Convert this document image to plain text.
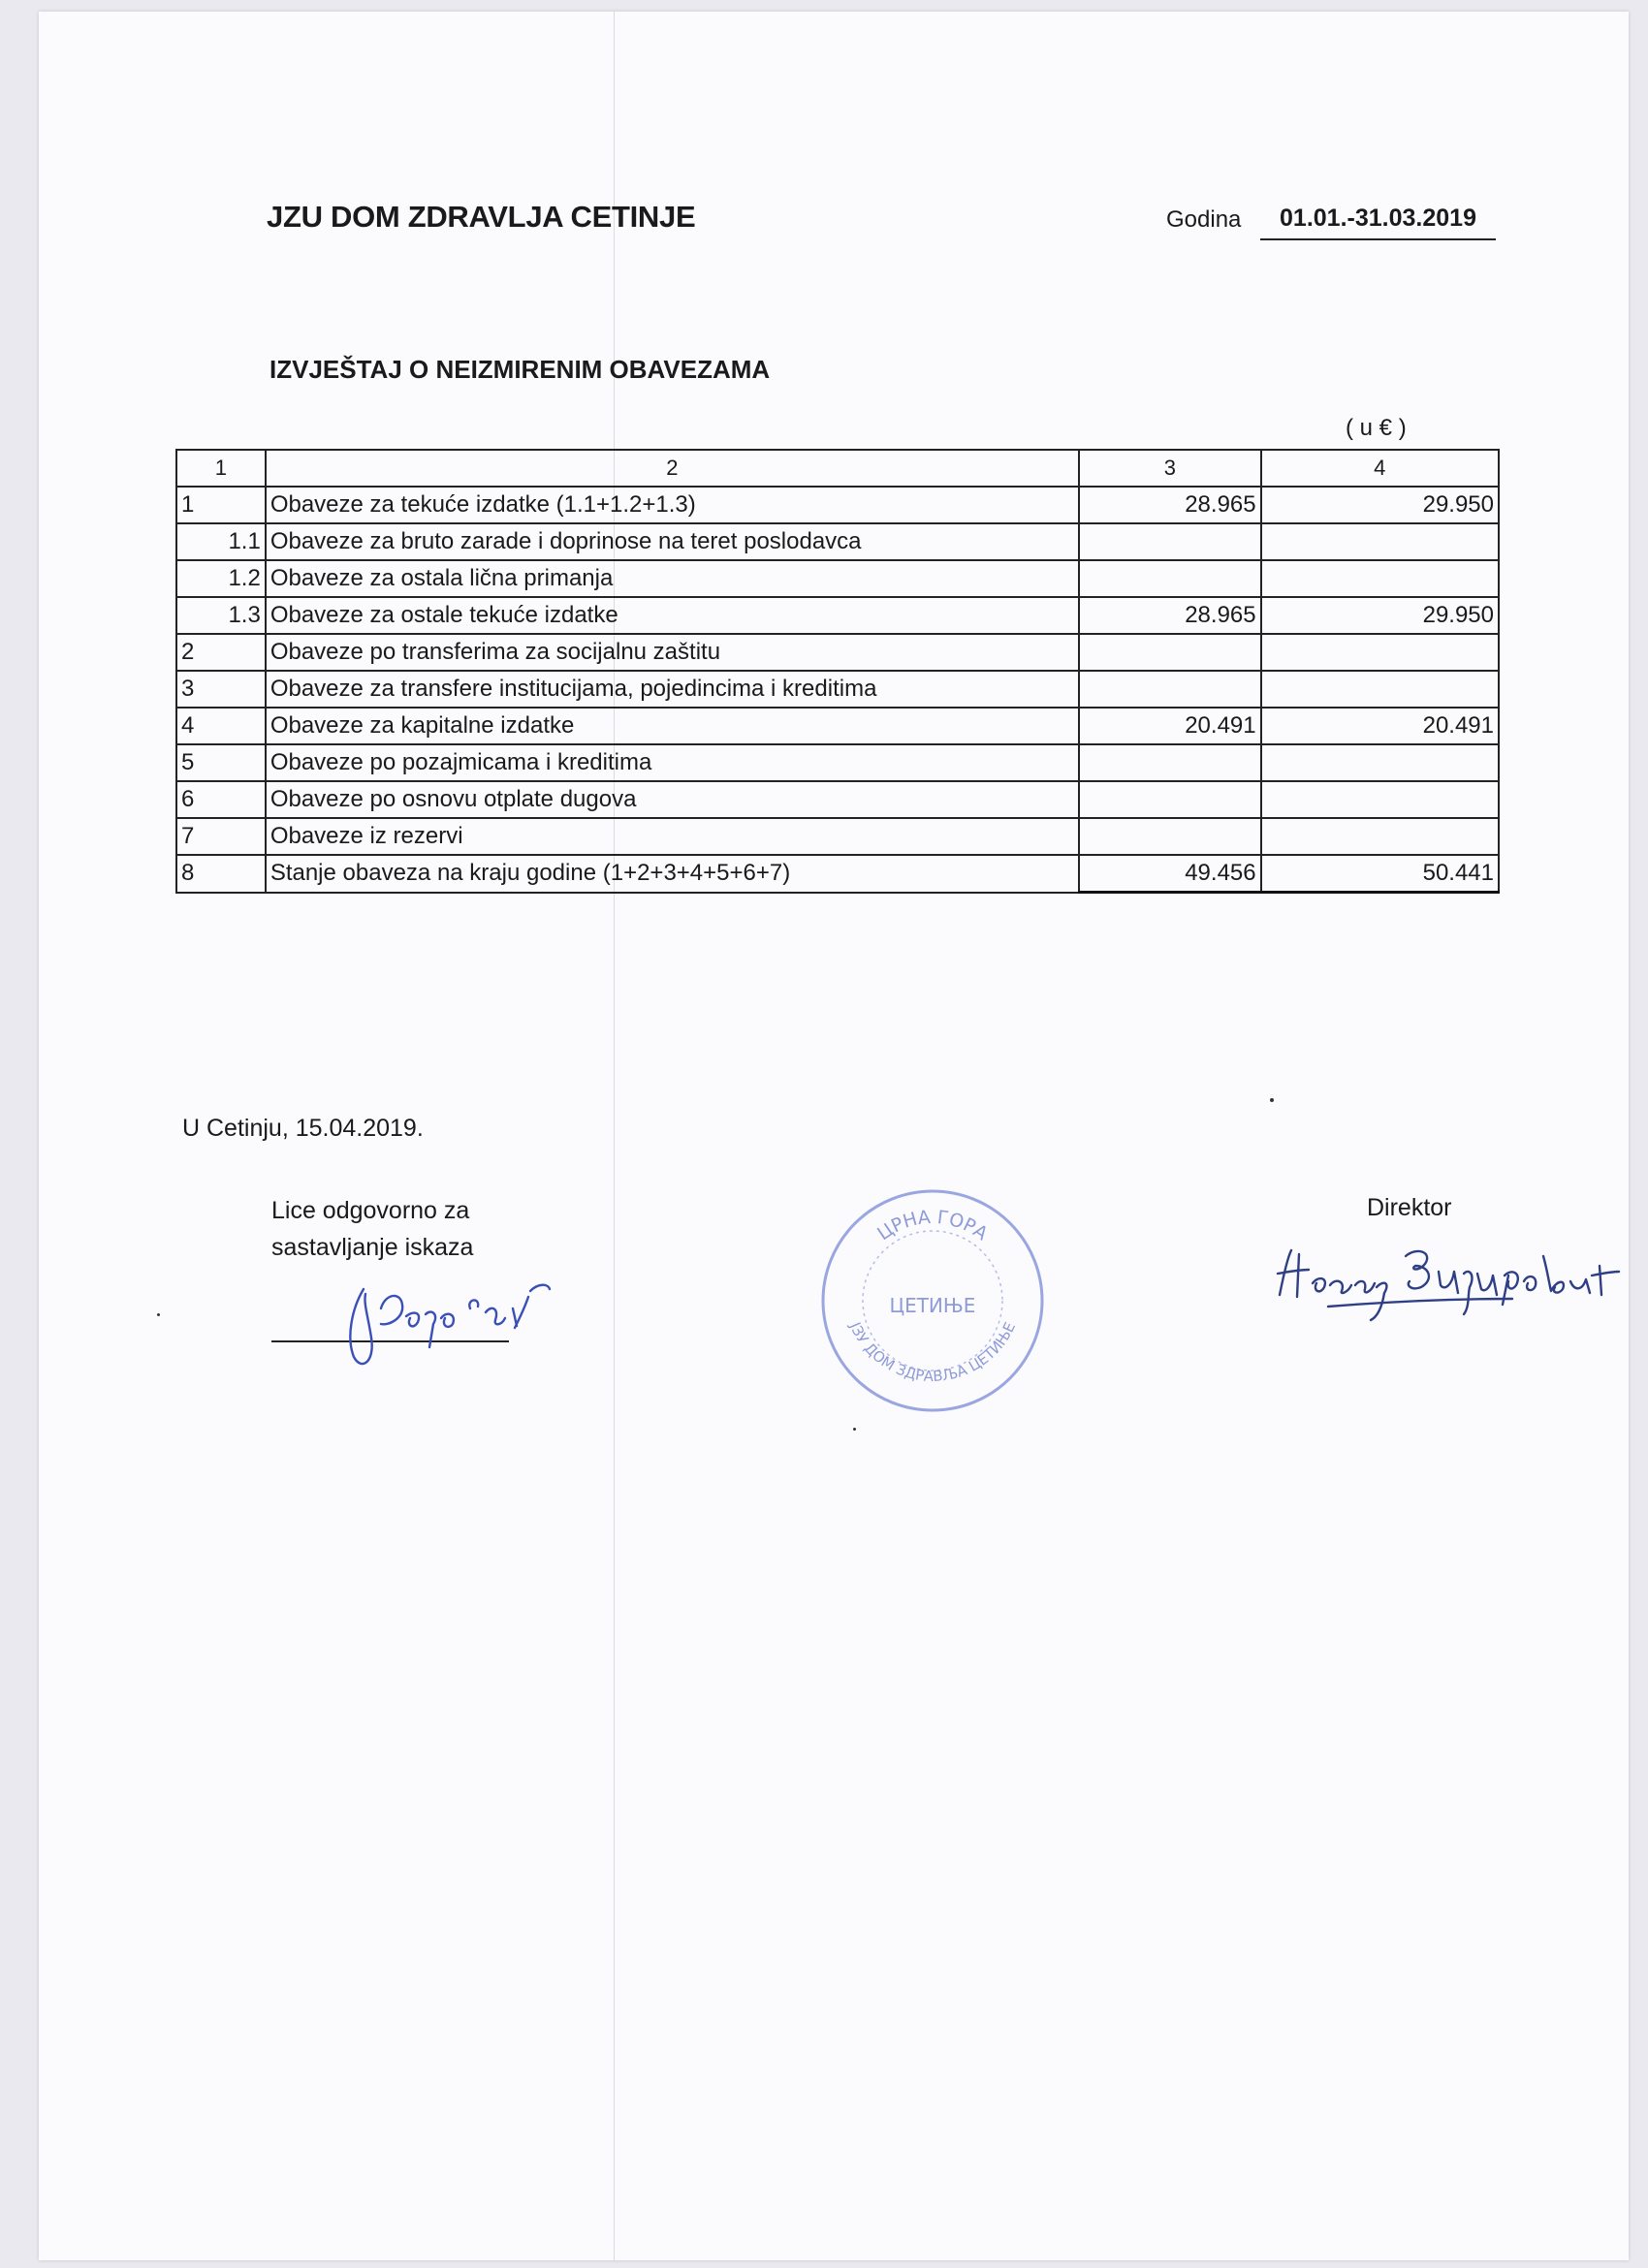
JZU DOM ZDRAVLJA CETINJE	Godina	01.01.-31.03.2019
IZVJEŠTAJ O NEIZMIRENIM OBAVEZAMA
( u € )
1	2	3	4
1	Obaveze za tekuće izdatke (1.1+1.2+1.3)	28.965	29.950
1.1	Obaveze za bruto zarade i doprinose na teret poslodavca		
1.2	Obaveze za ostala lična primanja		
1.3	Obaveze za ostale tekuće izdatke	28.965	29.950
2	Obaveze po transferima za socijalnu zaštitu		
3	Obaveze za transfere institucijama, pojedincima i kreditima		
4	Obaveze za kapitalne izdatke	20.491	20.491
5	Obaveze po pozajmicama i kreditima		
6	Obaveze po osnovu otplate dugova		
7	Obaveze iz rezervi		
8	Stanje obaveza na kraju godine (1+2+3+4+5+6+7)	49.456	50.441
U Cetinju, 15.04.2019.
Lice odgovorno za
sastavljanje iskaza
Direktor
ЦРНА ГОРА
ЦЕТИЊЕ
ЈЗУ ДОМ ЗДРАВЉА ЦЕТИЊЕ
